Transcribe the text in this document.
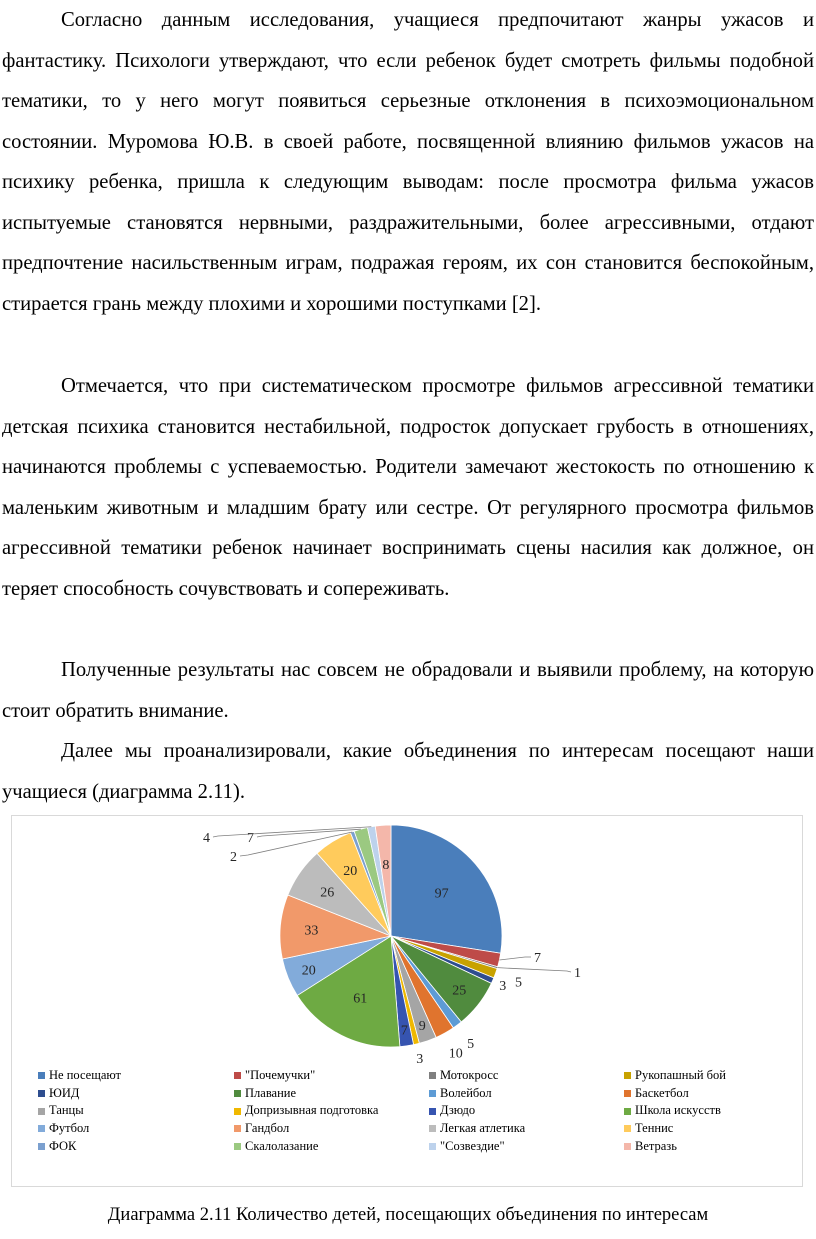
Согласно данным исследования, учащиеся предпочитают жанры ужасов и фантастику. Психологи утверждают, что если ребенок будет смотреть фильмы подобной тематики, то у него могут появиться серьезные отклонения в психоэмоциональном состоянии. Муромова Ю.В. в своей работе, посвященной влиянию фильмов ужасов на психику ребенка, пришла к следующим выводам: после просмотра фильма ужасов испытуемые становятся нервными, раздражительными, более агрессивными, отдают предпочтение насильственным играм, подражая героям, их сон становится беспокойным, стирается грань между плохими и хорошими поступками [2].

Отмечается, что при систематическом просмотре фильмов агрессивной тематики детская психика становится нестабильной, подросток допускает грубость в отношениях, начинаются проблемы с успеваемостью. Родители замечают жестокость по отношению к маленьким животным и младшим брату или сестре. От регулярного просмотра фильмов агрессивной тематики ребенок начинает воспринимать сцены насилия как должное, он теряет способность сочувствовать и сопереживать.

Полученные результаты нас совсем не обрадовали и выявили проблему, на которую стоит обратить внимание.

Далее мы проанализировали, какие объединения по интересам посещают наши учащиеся (диаграмма 2.11).

97
7
1
5
3
25
5
10
9
3
7
61
20
33
26
20
2
7
4
8
Не посещают	"Почемучки"	Мотокросс	Рукопашный бой
ЮИД	Плавание	Волейбол	Баскетбол
Танцы	Допризывная подготовка	Дзюдо	Школа искусств
Футбол	Гандбол	Легкая атлетика	Теннис
ФОК	Скалолазание	"Созвездие"	Ветразь

Диаграмма 2.11 Количество детей, посещающих объединения по интересам
